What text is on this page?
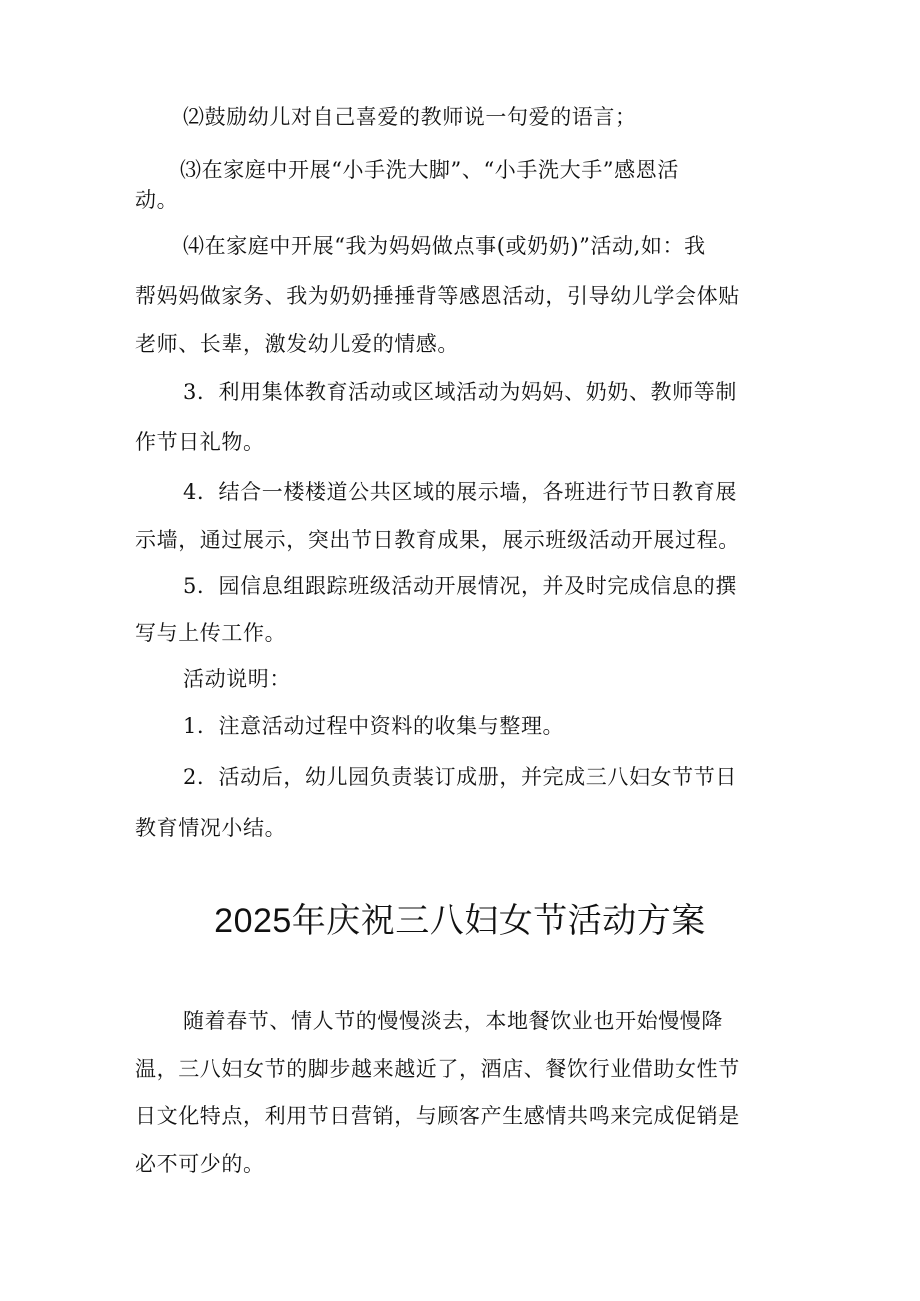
⑵鼓励幼儿对自己喜爱的教师说一句爱的语言；
⑶在家庭中开展“小手洗大脚”、“小手洗大手”感恩活
动。
⑷在家庭中开展“我为妈妈做点事(或奶奶)”活动,如：我
帮妈妈做家务、我为奶奶捶捶背等感恩活动，引导幼儿学会体贴
老师、长辈，激发幼儿爱的情感。
3．利用集体教育活动或区域活动为妈妈、奶奶、教师等制
作节日礼物。
4．结合一楼楼道公共区域的展示墙，各班进行节日教育展
示墙，通过展示，突出节日教育成果，展示班级活动开展过程。
5．园信息组跟踪班级活动开展情况，并及时完成信息的撰
写与上传工作。
活动说明：
1．注意活动过程中资料的收集与整理。
2．活动后，幼儿园负责装订成册，并完成三八妇女节节日
教育情况小结。
2025年庆祝三八妇女节活动方案
随着春节、情人节的慢慢淡去，本地餐饮业也开始慢慢降
温，三八妇女节的脚步越来越近了，酒店、餐饮行业借助女性节
日文化特点，利用节日营销，与顾客产生感情共鸣来完成促销是
必不可少的。
